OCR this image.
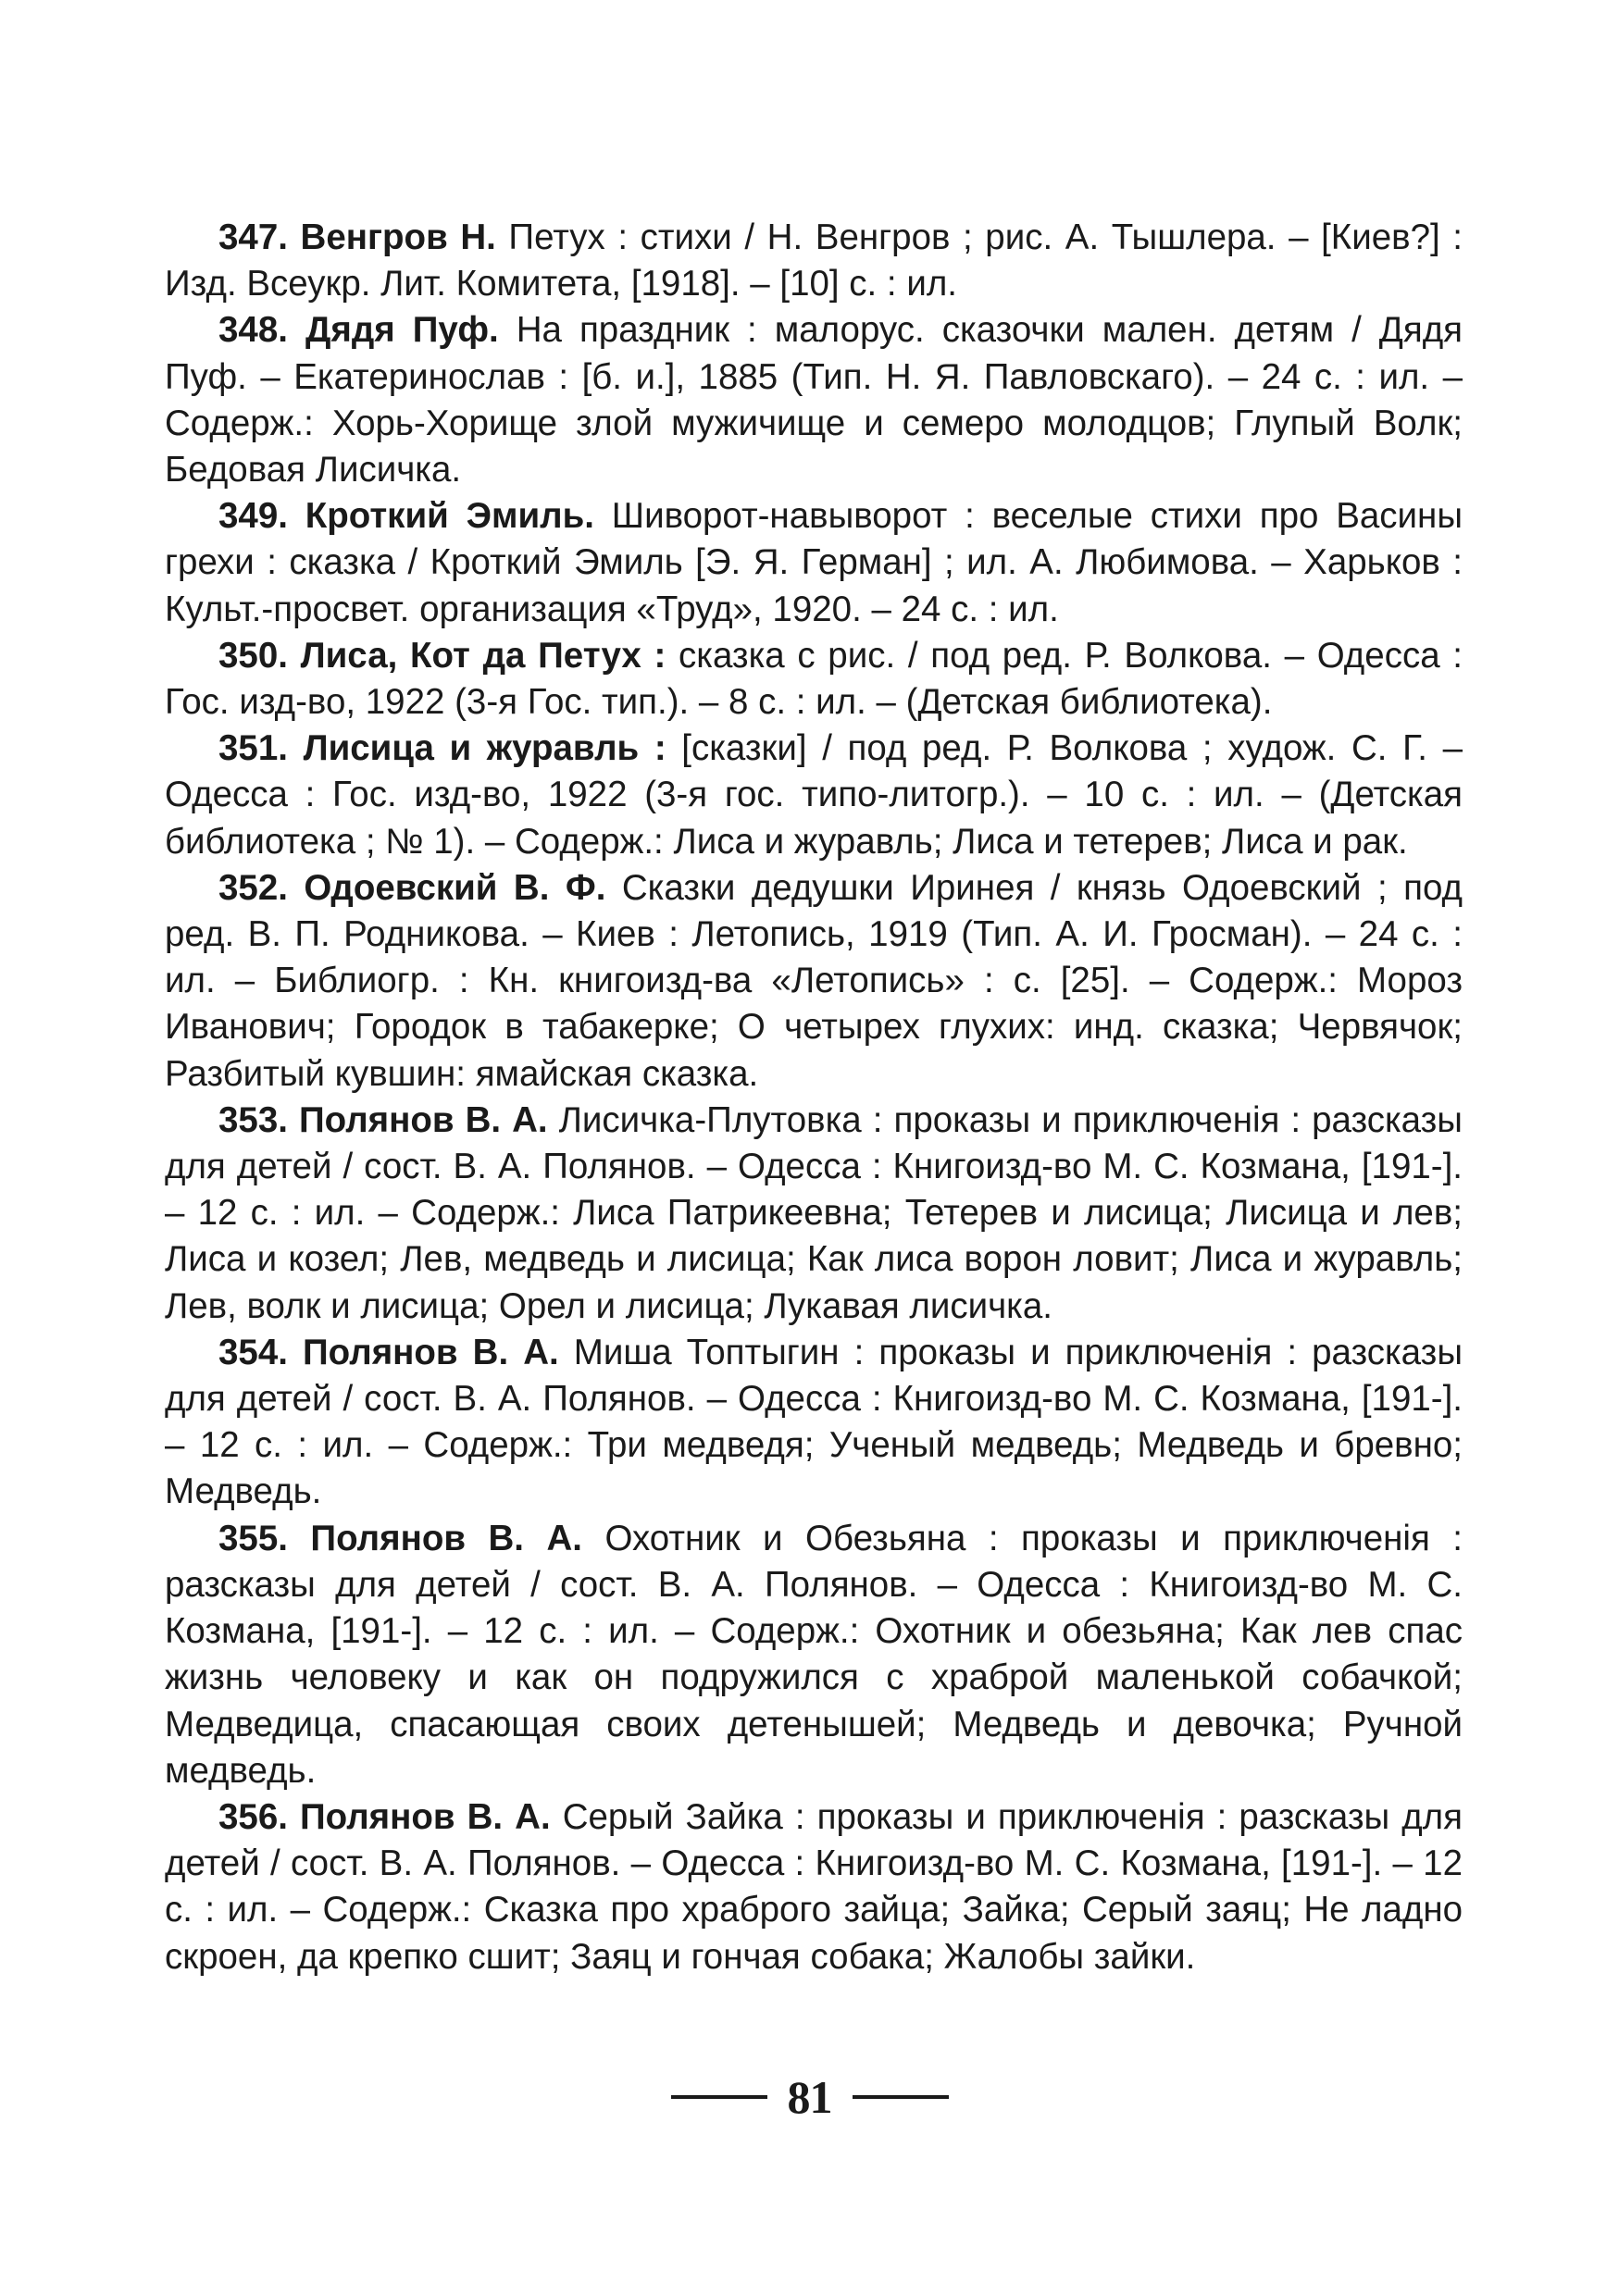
347. Венгров Н. Петух : стихи / Н. Венгров ; рис. А. Тышлера. – [Киев?] : Изд. Всеукр. Лит. Комитета, [1918]. – [10] с. : ил.

348. Дядя Пуф. На праздник : малорус. сказочки мален. детям / Дядя Пуф. – Екатеринослав : [б. и.], 1885 (Тип. Н. Я. Павловскаго). – 24 с. : ил. – Содерж.: Хорь-Хорище злой мужичище и семеро молодцов; Глупый Волк; Бедовая Лисичка.

349. Кроткий Эмиль. Шиворот-навыворот : веселые стихи про Васины грехи : сказка / Кроткий Эмиль [Э. Я. Герман] ; ил. А. Любимова. – Харьков : Культ.-просвет. организация «Труд», 1920. – 24 с. : ил.

350. Лиса, Кот да Петух : сказка с рис. / под ред. Р. Волкова. – Одесса : Гос. изд-во, 1922 (3-я Гос. тип.). – 8 с. : ил. – (Детская библиотека).

351. Лисица и журавль : [сказки] / под ред. Р. Волкова ; худож. С. Г. – Одесса : Гос. изд-во, 1922 (3-я гос. типо-литогр.). – 10 с. : ил. – (Детская библиотека ; № 1). – Содерж.: Лиса и журавль; Лиса и тетерев; Лиса и рак.

352. Одоевский В. Ф. Сказки дедушки Иринея / князь Одоевский ; под ред. В. П. Родникова. – Киев : Летопись, 1919 (Тип. А. И. Гросман). – 24 с. : ил. – Библиогр. : Кн. книгоизд-ва «Летопись» : с. [25]. – Содерж.: Мороз Иванович; Городок в табакерке; О четырех глухих: инд. сказка; Червячок; Разбитый кувшин: ямайская сказка.

353. Полянов В. А. Лисичка-Плутовка : проказы и приключенiя : разсказы для детей / сост. В. А. Полянов. – Одесса : Книгоизд-во М. С. Козмана, [191-]. – 12 с. : ил. – Содерж.: Лиса Патрикеевна; Тетерев и лисица; Лисица и лев; Лиса и козел; Лев, медведь и лисица; Как лиса ворон ловит; Лиса и журавль; Лев, волк и лисица; Орел и лисица; Лукавая лисичка.

354. Полянов В. А. Миша Топтыгин : проказы и приключенiя : разсказы для детей / сост. В. А. Полянов. – Одесса : Книгоизд-во М. С. Козмана, [191-]. – 12 с. : ил. – Содерж.: Три медведя; Ученый медведь; Медведь и бревно; Медведь.

355. Полянов В. А. Охотник и Обезьяна : проказы и приключенiя : разсказы для детей / сост. В. А. Полянов. – Одесса : Книгоизд-во М. С. Козмана, [191-]. – 12 с. : ил. – Содерж.: Охотник и обезьяна; Как лев спас жизнь человеку и как он подружился с храброй маленькой собачкой; Медведица, спасающая своих детенышей; Медведь и девочка; Ручной медведь.

356. Полянов В. А. Серый Зайка : проказы и приключенiя : разсказы для детей / сост. В. А. Полянов. – Одесса : Книгоизд-во М. С. Козмана, [191-]. – 12 с. : ил. – Содерж.: Сказка про храброго зайца; Зайка; Серый заяц; Не ладно скроен, да крепко сшит; Заяц и гончая собака; Жалобы зайки.

81
